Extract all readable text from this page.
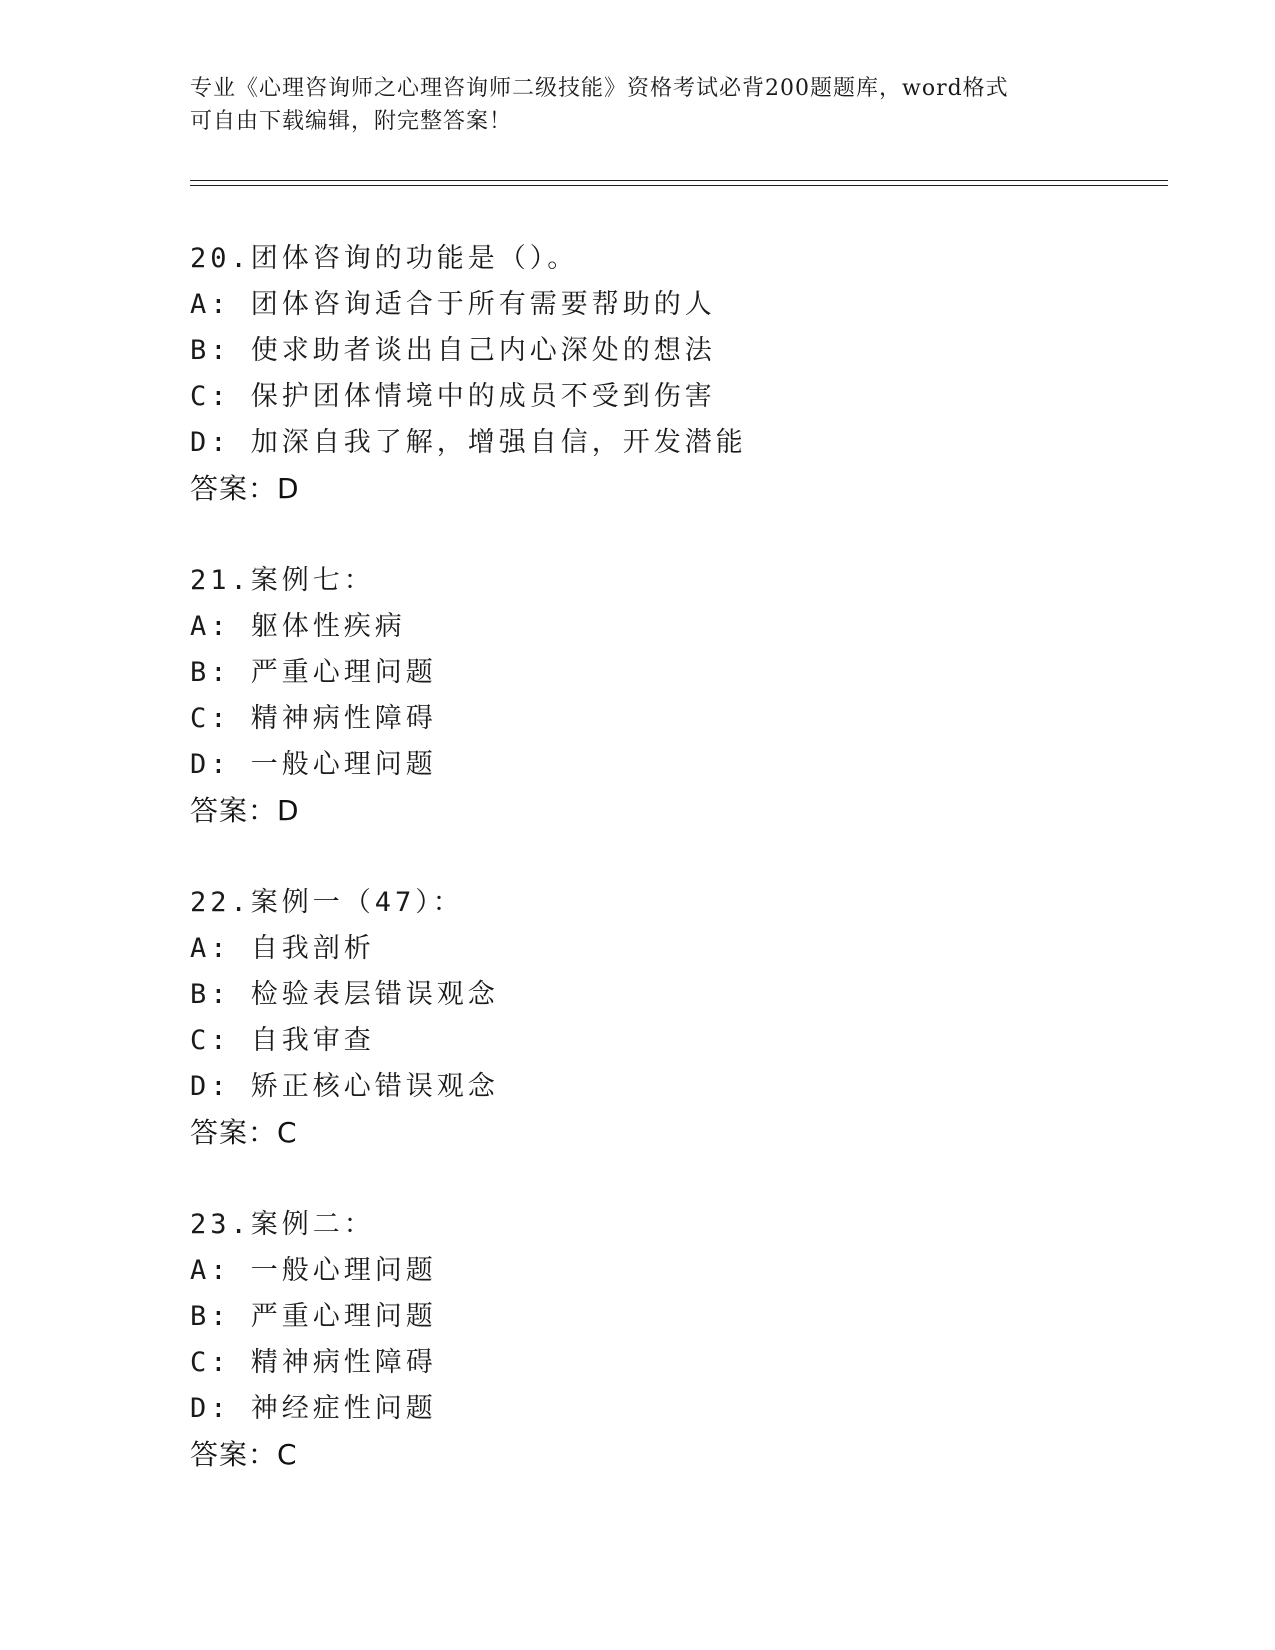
专业《心理咨询师之心理咨询师二级技能》资格考试必背200题题库，word格式
可自由下载编辑，附完整答案！
20.团体咨询的功能是（）。
A: 团体咨询适合于所有需要帮助的人
B: 使求助者谈出自己内心深处的想法
C: 保护团体情境中的成员不受到伤害
D: 加深自我了解，增强自信，开发潜能
答案：D
21.案例七：
A: 躯体性疾病
B: 严重心理问题
C: 精神病性障碍
D: 一般心理问题
答案：D
22.案例一（47）：
A: 自我剖析
B: 检验表层错误观念
C: 自我审查
D: 矫正核心错误观念
答案：C
23.案例二：
A: 一般心理问题
B: 严重心理问题
C: 精神病性障碍
D: 神经症性问题
答案：C
